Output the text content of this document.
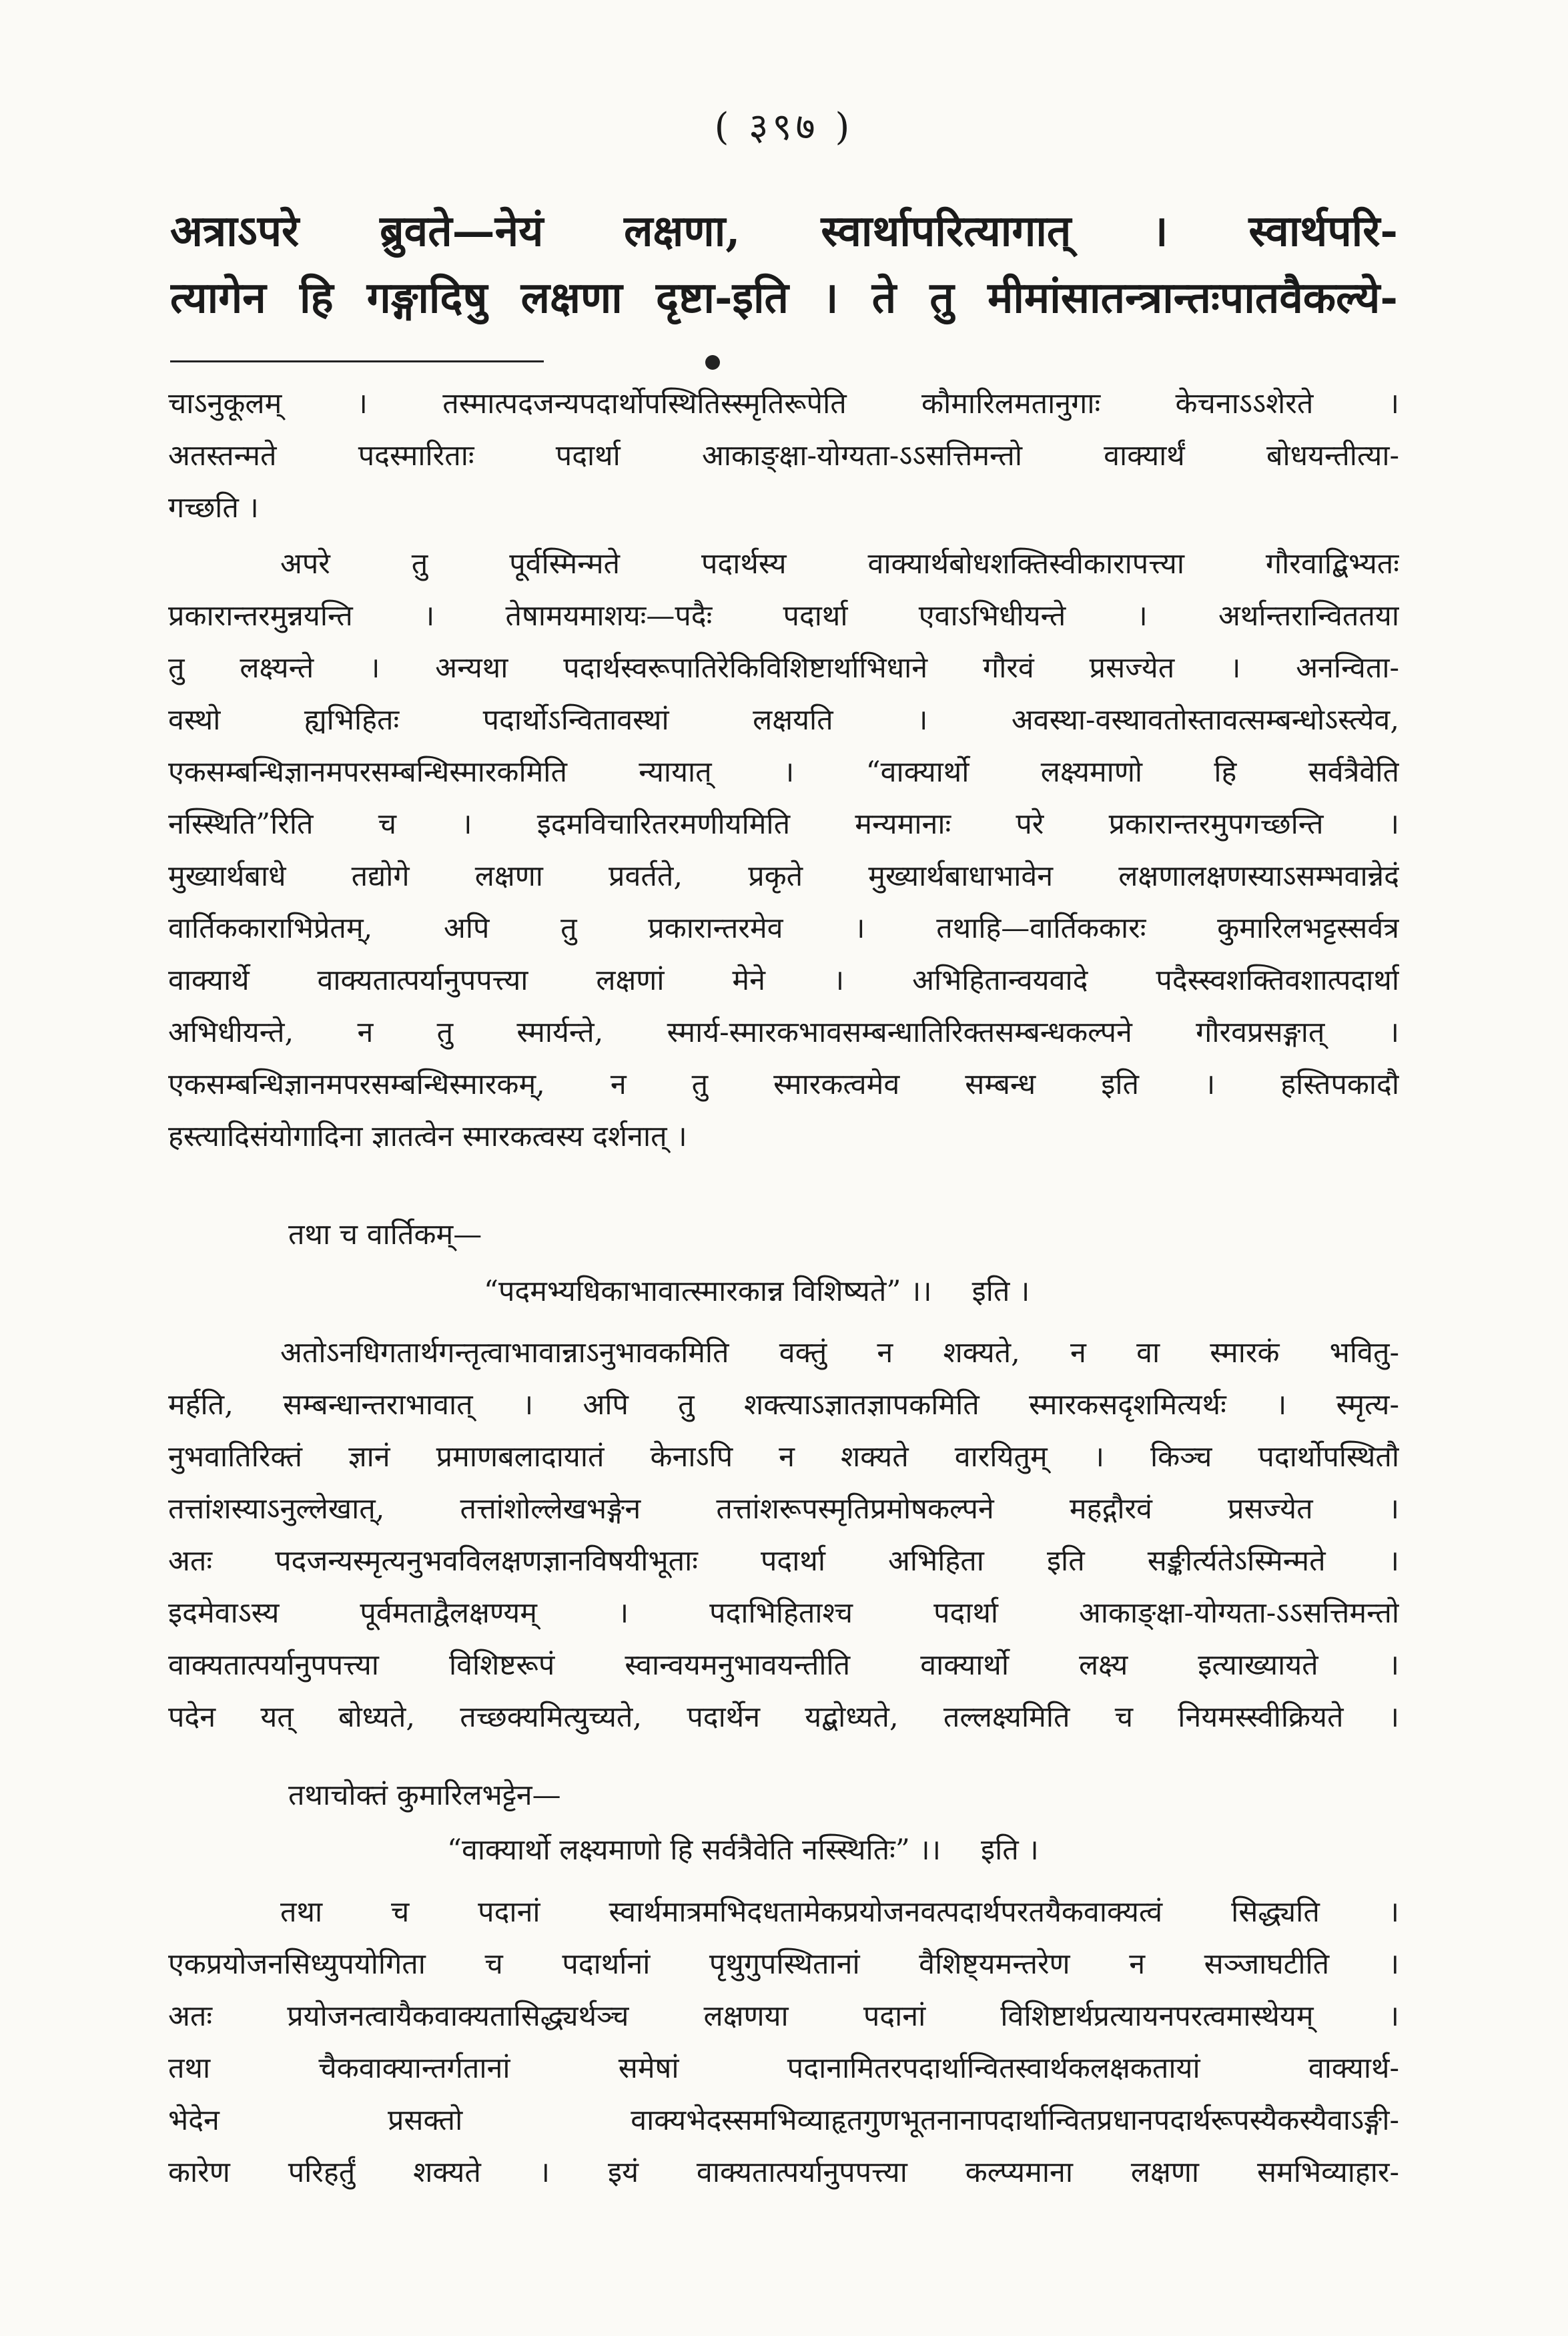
( ३९७ )
अत्राऽपरे ब्रुवते—नेयं लक्षणा, स्वार्थापरित्यागात् । स्वार्थपरि-
त्यागेन हि गङ्गादिषु लक्षणा दृष्टा-इति । ते तु मीमांसातन्त्रान्तःपातवैकल्ये-
चाऽनुकूलम् । तस्मात्पदजन्यपदार्थोपस्थितिस्स्मृतिरूपेति कौमारिलमतानुगाः केचनाऽऽशेरते ।
अतस्तन्मते पदस्मारिताः पदार्था आकाङ्क्षा-योग्यता-ऽऽसत्तिमन्तो वाक्यार्थं बोधयन्तीत्या-
गच्छति ।
अपरे तु पूर्वस्मिन्मते पदार्थस्य वाक्यार्थबोधशक्तिस्वीकारापत्त्या गौरवाद्बिभ्यतः
प्रकारान्तरमुन्नयन्ति । तेषामयमाशयः—पदैः पदार्था एवाऽभिधीयन्ते । अर्थान्तरान्विततया
तु लक्ष्यन्ते । अन्यथा पदार्थस्वरूपातिरेकिविशिष्टार्थाभिधाने गौरवं प्रसज्येत । अनन्विता-
वस्थो ह्यभिहितः पदार्थोऽन्वितावस्थां लक्षयति । अवस्था-वस्थावतोस्तावत्सम्बन्धोऽस्त्येव,
एकसम्बन्धिज्ञानमपरसम्बन्धिस्मारकमिति न्यायात् । “वाक्यार्थो लक्ष्यमाणो हि सर्वत्रैवेति
नस्स्थिति”रिति च । इदमविचारितरमणीयमिति मन्यमानाः परे प्रकारान्तरमुपगच्छन्ति ।
मुख्यार्थबाधे तद्योगे लक्षणा प्रवर्तते, प्रकृते मुख्यार्थबाधाभावेन लक्षणालक्षणस्याऽसम्भवान्नेदं
वार्तिककाराभिप्रेतम्, अपि तु प्रकारान्तरमेव । तथाहि—वार्तिककारः कुमारिलभट्टस्सर्वत्र
वाक्यार्थे वाक्यतात्पर्यानुपपत्त्या लक्षणां मेने । अभिहितान्वयवादे पदैस्स्वशक्तिवशात्पदार्था
अभिधीयन्ते, न तु स्मार्यन्ते, स्मार्य-स्मारकभावसम्बन्धातिरिक्तसम्बन्धकल्पने गौरवप्रसङ्गात् ।
एकसम्बन्धिज्ञानमपरसम्बन्धिस्मारकम्, न तु स्मारकत्वमेव सम्बन्ध इति । हस्तिपकादौ
हस्त्यादिसंयोगादिना ज्ञातत्वेन स्मारकत्वस्य दर्शनात् ।
तथा च वार्तिकम्—
“पदमभ्यधिकाभावात्स्मारकान्न विशिष्यते” ।। इति ।
अतोऽनधिगतार्थगन्तृत्वाभावान्नाऽनुभावकमिति वक्तुं न शक्यते, न वा स्मारकं भवितु-
मर्हति, सम्बन्धान्तराभावात् । अपि तु शक्त्याऽज्ञातज्ञापकमिति स्मारकसदृशमित्यर्थः । स्मृत्य-
नुभवातिरिक्तं ज्ञानं प्रमाणबलादायातं केनाऽपि न शक्यते वारयितुम् । किञ्च पदार्थोपस्थितौ
तत्तांशस्याऽनुल्लेखात्, तत्तांशोल्लेखभङ्गेन तत्तांशरूपस्मृतिप्रमोषकल्पने महद्गौरवं प्रसज्येत ।
अतः पदजन्यस्मृत्यनुभवविलक्षणज्ञानविषयीभूताः पदार्था अभिहिता इति सङ्कीर्त्यतेऽस्मिन्मते ।
इदमेवाऽस्य पूर्वमताद्वैलक्षण्यम् । पदाभिहिताश्च पदार्था आकाङ्क्षा-योग्यता-ऽऽसत्तिमन्तो
वाक्यतात्पर्यानुपपत्त्या विशिष्टरूपं स्वान्वयमनुभावयन्तीति वाक्यार्थो लक्ष्य इत्याख्यायते ।
पदेन यत् बोध्यते, तच्छक्यमित्युच्यते, पदार्थेन यद्बोध्यते, तल्लक्ष्यमिति च नियमस्स्वीक्रियते ।
तथाचोक्तं कुमारिलभट्टेन—
“वाक्यार्थो लक्ष्यमाणो हि सर्वत्रैवेति नस्स्थितिः” ।। इति ।
तथा च पदानां स्वार्थमात्रमभिदधतामेकप्रयोजनवत्पदार्थपरतयैकवाक्यत्वं सिद्ध्यति ।
एकप्रयोजनसिध्युपयोगिता च पदार्थानां पृथुगुपस्थितानां वैशिष्ट्यमन्तरेण न सञ्जाघटीति ।
अतः प्रयोजनत्वायैकवाक्यतासिद्ध्यर्थञ्च लक्षणया पदानां विशिष्टार्थप्रत्यायनपरत्वमास्थेयम् ।
तथा चैकवाक्यान्तर्गतानां समेषां पदानामितरपदार्थान्वितस्वार्थकलक्षकतायां वाक्यार्थ-
भेदेन प्रसक्तो वाक्यभेदस्समभिव्याहृतगुणभूतनानापदार्थान्वितप्रधानपदार्थरूपस्यैकस्यैवाऽङ्गी-
कारेण परिहर्तुं शक्यते । इयं वाक्यतात्पर्यानुपपत्त्या कल्प्यमाना लक्षणा समभिव्याहार-
